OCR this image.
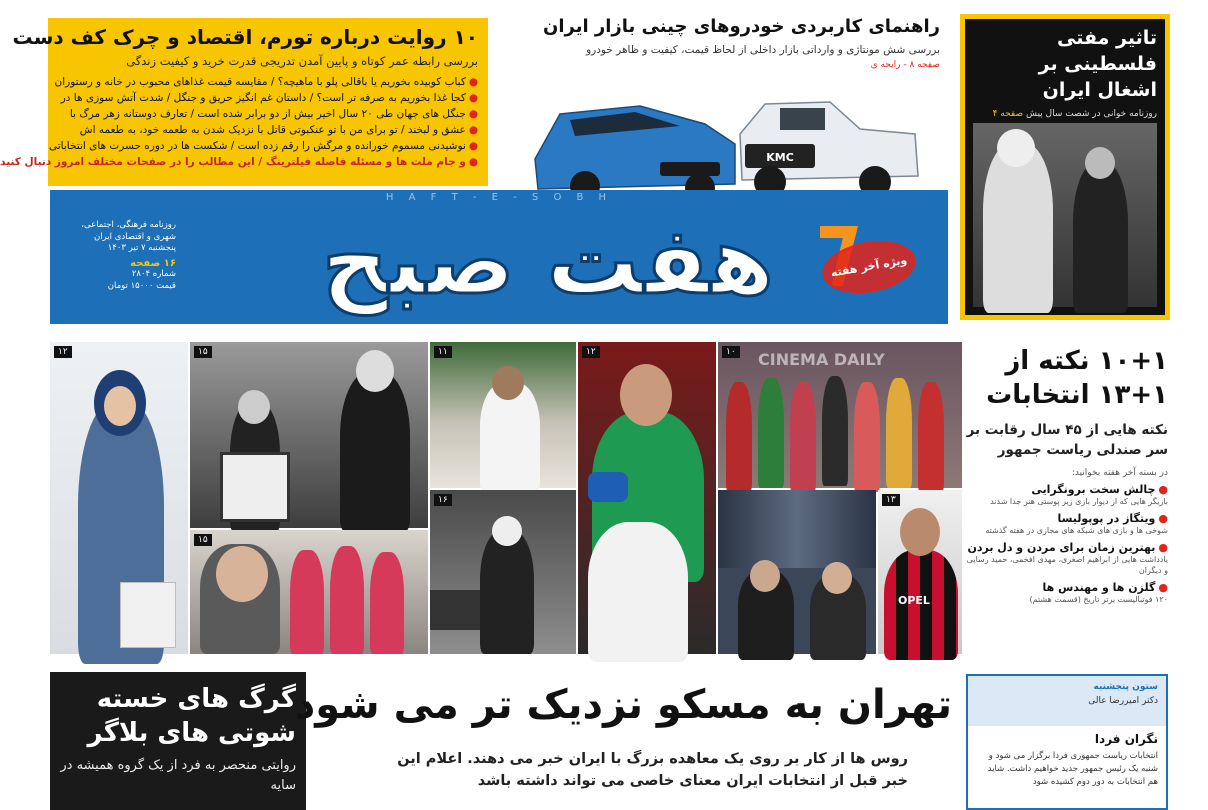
۱۰ روایت درباره تورم، اقتصاد و چرک کف دست
بررسی رابطه عمر کوتاه و پایین آمدن تدریجی قدرت خرید و کیفیت زندگی
●کباب کوبیده بخوریم یا باقالی پلو با ماهیچه؟ / مقایسه قیمت غذاهای محبوب در خانه و رستوران
●کجا غذا بخوریم به صرفه تر است؟ / داستان غم انگیز حریق و جنگل / شدت آتش سوزی ها در
●جنگل های جهان طی ۲۰ سال اخیر بیش از دو برابر شده است / تعارف دوستانه زهر مرگ با
●عشق و لبخند / تو برای من با تو عنکبوتی قاتل با نزدیک شدن به طعمه خود، به طعمه اش
●نوشیدنی مسموم خورانده و مرگش را رقم زده است / شکست ها در دوره حسرت های انتخاباتی
●و جام ملت ها و مسئله فاصله فیلترینگ / این مطالب را در صفحات مختلف امروز دنبال کنید
راهنمای کاربردی خودروهای چینی بازار ایران
بررسی شش مونتاژی و وارداتی بازار داخلی از لحاظ قیمت، کیفیت و ظاهر خودرو
صفحه ۸ - رایحه ی
KMC
تاثیر مفتی فلسطینی بر اشغال ایران
روزنامه خوانی در شصت سال پیش صفحه ۴
H A F T - E - S O B H
هفت صبح	ویژه آخر هفته
روزنامه فرهنگی، اجتماعی،
شهری و اقتصادی ایران
پنجشنبه ۷ تیر ۱۴۰۳
۱۶ صفحه
شماره ۲۸۰۴
قیمت ۱۵۰۰۰ تومان
۱۲	۱۵	۱۱	۱۲	۱۰ CINEMA DAILY
۱۵
۱۶	۱۳
OPEL
۱۰+۱ نکته از
۱۳+۱ انتخابات
نکته هایی از ۴۵ سال رقابت بر سر صندلی ریاست جمهور
در بسته آخر هفته بخوانید:
●چالش سخت برونگرایی
بازیگر هایی که از دیوار بازی زیر پوستی هنر جدا شدند
●ویتگاز در پوپولیسا
شوخی ها و بازی های شبکه های مجازی در هفته گذشته
●بهترین زمان برای مردن و دل بردن
یادداشت هایی از ابراهیم اصغری، مهدی افخمی، حمید رسایی و دیگران
●گلزن ها و مهندس ها
۱۲۰ فوتبالیست برتر تاریخ (قسمت هشتم)
گرگ های خسته
شوتی های بلاگر
روایتی منحصر به فرد از یک گروه همیشه در سایه
تهران به مسکو نزدیک تر می شود
روس ها از کار بر روی یک معاهده بزرگ با ایران خبر می دهند. اعلام این خبر قبل از انتخابات ایران معنای خاصی می تواند داشته باشد
ستون پنجشنبه
دکتر امیررضا عالی
نگران فردا
انتخابات ریاست جمهوری فردا برگزار می شود و شنبه یک رئیس جمهور جدید خواهیم داشت. شاید هم انتخابات به دور دوم کشیده شود
